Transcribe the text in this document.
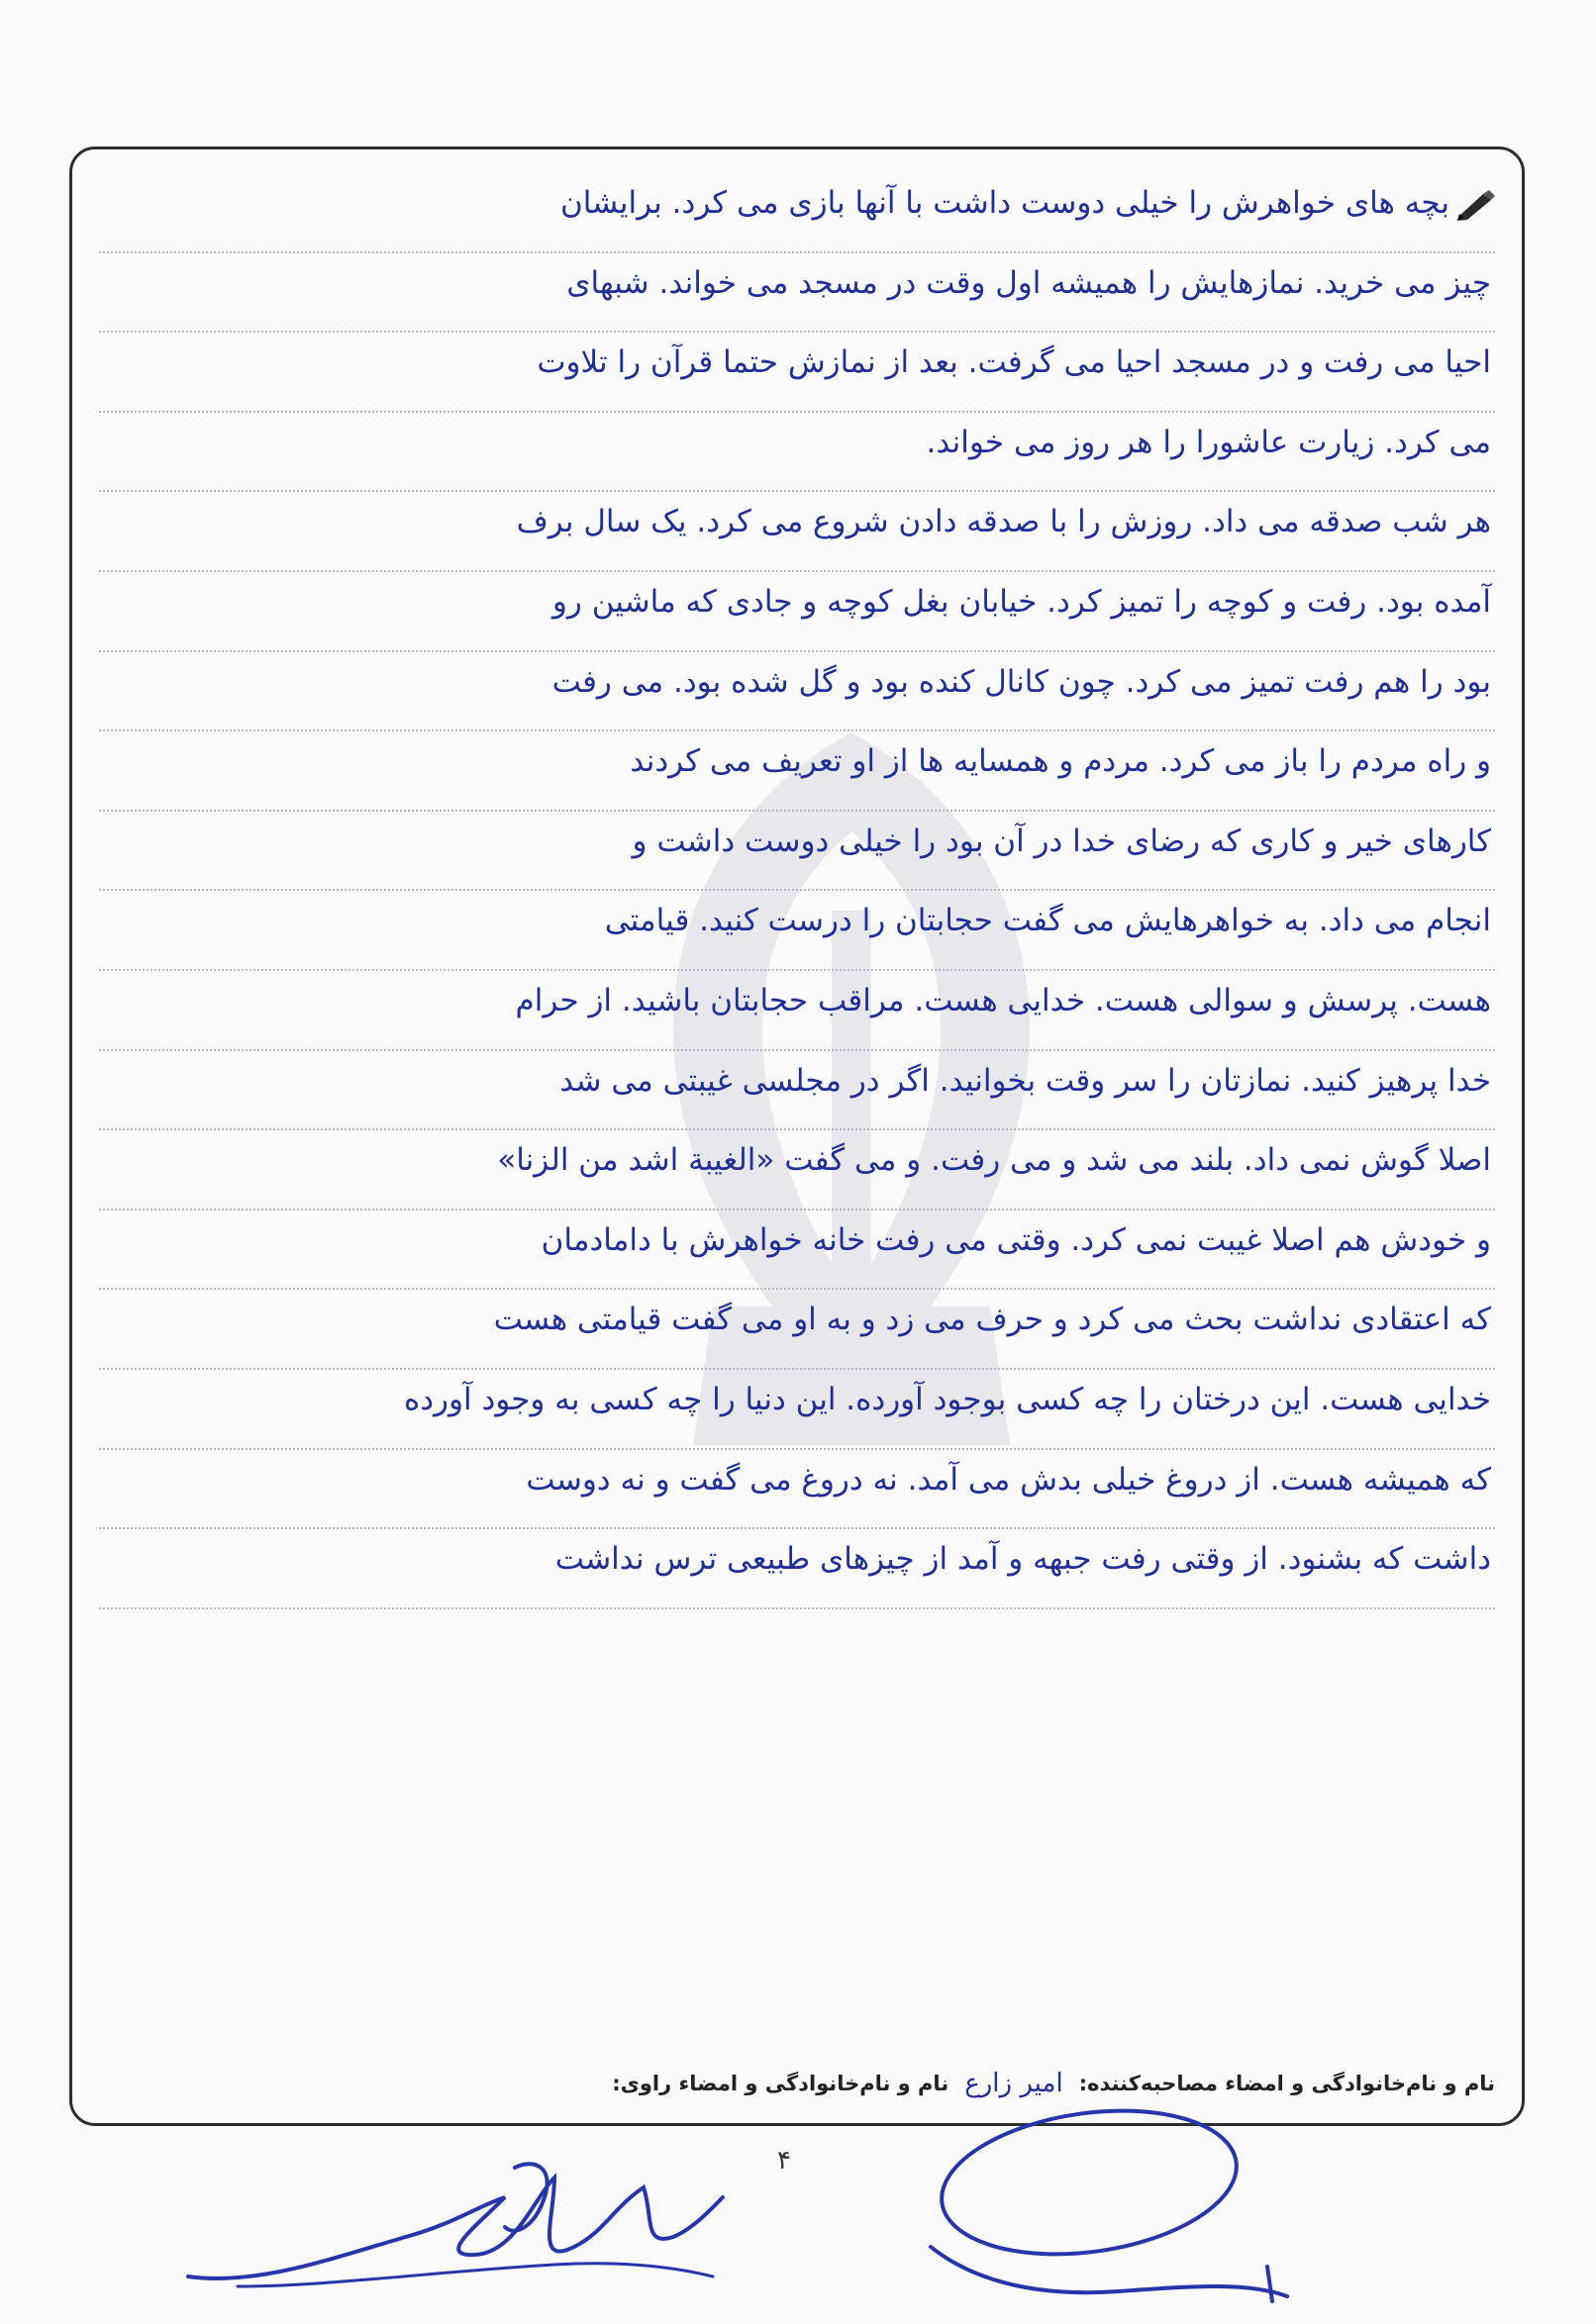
بچه های خواهرش را خیلی دوست داشت با آنها بازی می کرد. برایشان
چیز می خرید. نمازهایش را همیشه اول وقت در مسجد می خواند. شبهای
احیا می رفت و در مسجد احیا می گرفت. بعد از نمازش حتما قرآن را تلاوت
می کرد. زیارت عاشورا را هر روز می خواند.
هر شب صدقه می داد. روزش را با صدقه دادن شروع می کرد. یک سال برف
آمده بود. رفت و کوچه را تمیز کرد. خیابان بغل کوچه و جادی که ماشین رو
بود را هم رفت تمیز می کرد. چون کانال کنده بود و گل شده بود. می رفت
و راه مردم را باز می کرد. مردم و همسایه ها از او تعریف می کردند
کارهای خیر و کاری که رضای خدا در آن بود را خیلی دوست داشت و
انجام می داد. به خواهرهایش می گفت حجابتان را درست کنید. قیامتی
هست. پرسش و سوالی هست. خدایی هست. مراقب حجابتان باشید. از حرام
خدا پرهیز کنید. نمازتان را سر وقت بخوانید. اگر در مجلسی غیبتی می شد
اصلا گوش نمی داد. بلند می شد و می رفت. و می گفت «الغیبة اشد من الزنا»
و خودش هم اصلا غیبت نمی کرد. وقتی می رفت خانه خواهرش با دامادمان
که اعتقادی نداشت بحث می کرد و حرف می زد و به او می گفت قیامتی هست
خدایی هست. این درختان را چه کسی بوجود آورده. این دنیا را چه کسی به وجود آورده
که همیشه هست. از دروغ خیلی بدش می آمد. نه دروغ می گفت و نه دوست
داشت که بشنود. از وقتی رفت جبهه و آمد از چیزهای طبیعی ترس نداشت
نام و نام‌خانوادگی و امضاء مصاحبه‌کننده:
امیر زارع
نام و نام‌خانوادگی و امضاء راوی:
۴
